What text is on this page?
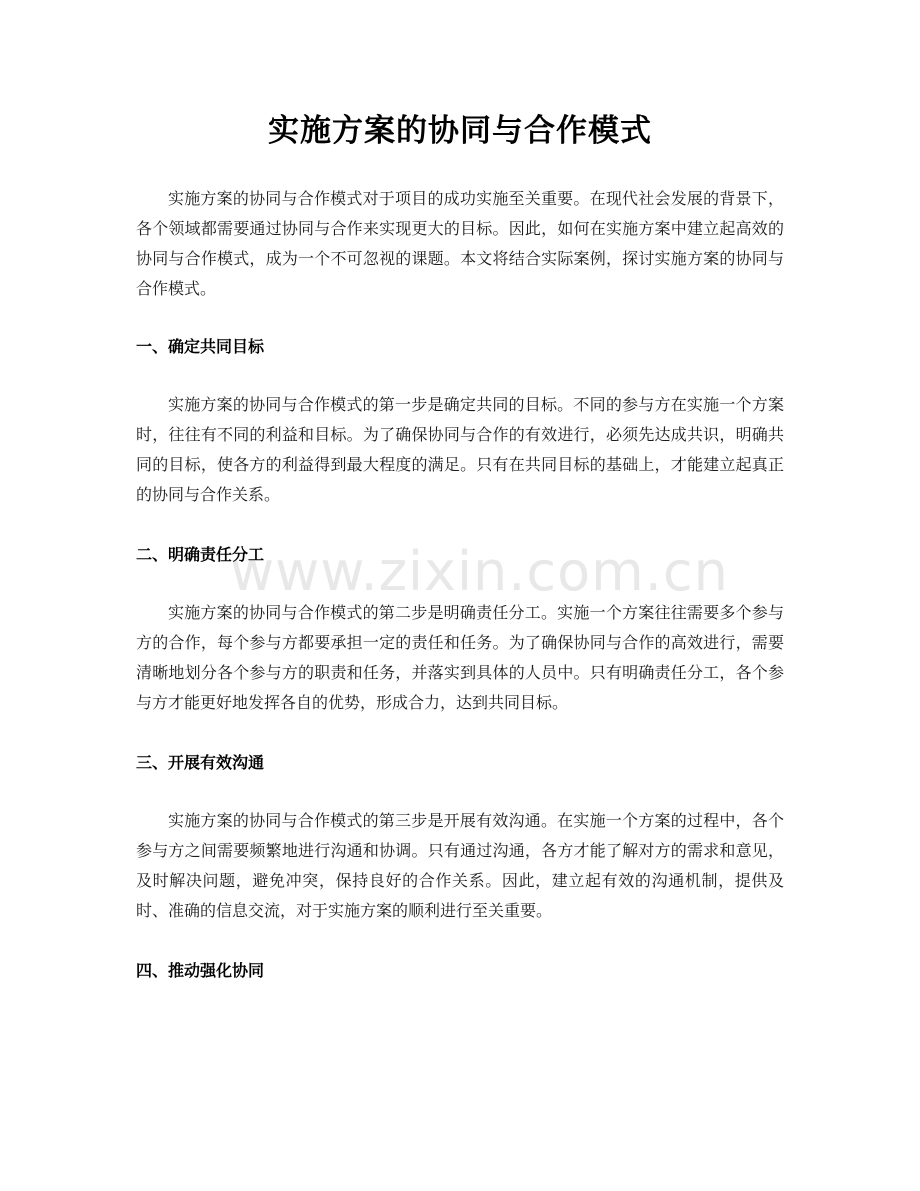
实施方案的协同与合作模式

实施方案的协同与合作模式对于项目的成功实施至关重要。在现代社会发展的背景下，各个领域都需要通过协同与合作来实现更大的目标。因此，如何在实施方案中建立起高效的协同与合作模式，成为一个不可忽视的课题。本文将结合实际案例，探讨实施方案的协同与合作模式。

一、确定共同目标

实施方案的协同与合作模式的第一步是确定共同的目标。不同的参与方在实施一个方案时，往往有不同的利益和目标。为了确保协同与合作的有效进行，必须先达成共识，明确共同的目标，使各方的利益得到最大程度的满足。只有在共同目标的基础上，才能建立起真正的协同与合作关系。

二、明确责任分工

实施方案的协同与合作模式的第二步是明确责任分工。实施一个方案往往需要多个参与方的合作，每个参与方都要承担一定的责任和任务。为了确保协同与合作的高效进行，需要清晰地划分各个参与方的职责和任务，并落实到具体的人员中。只有明确责任分工，各个参与方才能更好地发挥各自的优势，形成合力，达到共同目标。

三、开展有效沟通

实施方案的协同与合作模式的第三步是开展有效沟通。在实施一个方案的过程中，各个参与方之间需要频繁地进行沟通和协调。只有通过沟通，各方才能了解对方的需求和意见，及时解决问题，避免冲突，保持良好的合作关系。因此，建立起有效的沟通机制，提供及时、准确的信息交流，对于实施方案的顺利进行至关重要。

四、推动强化协同
www.zixin.com.cn
